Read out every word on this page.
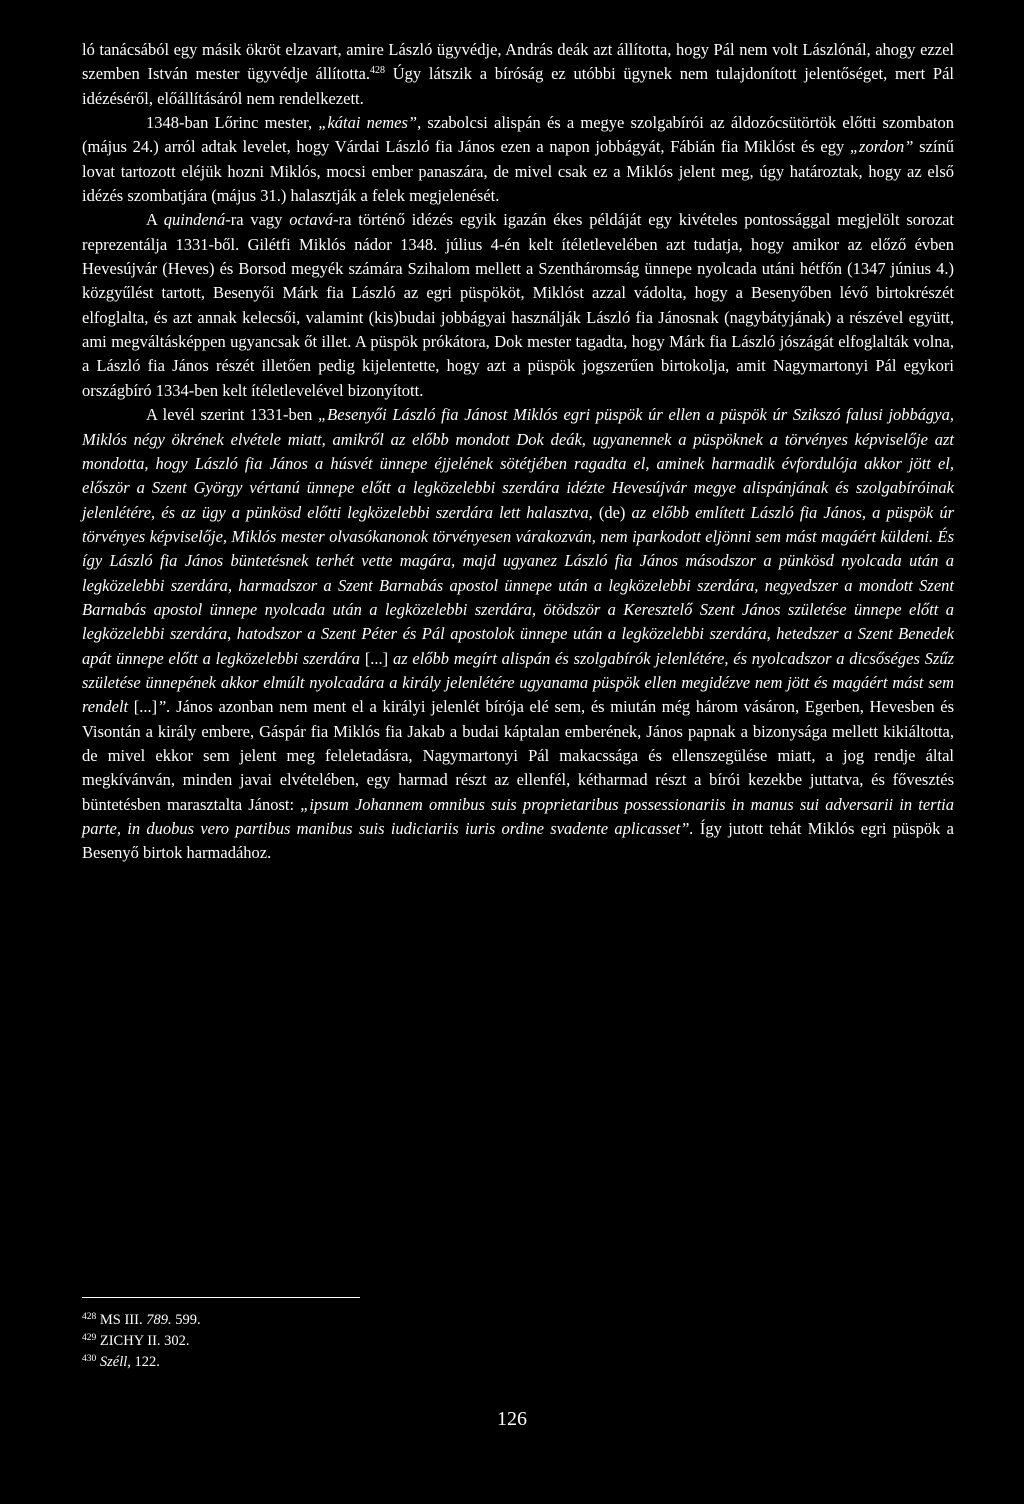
ló tanácsából egy másik ökröt elzavart, amire László ügyvédje, András deák azt állította, hogy Pál nem volt Lászlónál, ahogy ezzel szemben István mester ügyvédje állította.$^{428}$ Úgy látszik a bíróság ez utóbbi ügynek nem tulajdonított jelentőséget, mert Pál idézéséről, előállításáról nem rendelkezett.

1348-ban Lőrinc mester, „kátai nemes”, szabolcsi alispán és a megye szolgabírói az áldozócsütörtök előtti szombaton (május 24.) arról adtak levelet, hogy Várdai László fia János ezen a napon jobbágyát, Fábián fia Miklóst és egy „zordon” színű lovat tartozott eléjük hozni Miklós, mocsi ember panaszára, de mivel csak ez a Miklós jelent meg, úgy határoztak, hogy az első idézés szombatjára (május 31.) halasztják a felek megjelenését.

A quindená-ra vagy octavá-ra történő idézés egyik igazán ékes példáját egy kivételes pontossággal megjelölt sorozat reprezentálja 1331-ből. Gilétfi Miklós nádor 1348. július 4-én kelt ítéletlevelében azt tudatja, hogy amikor az előző évben Hevesújvár (Heves) és Borsod megyék számára Szihalom mellett a Szentháromság ünnepe nyolcada utáni hétfőn (1347 június 4.) közgyűlést tartott, Besenyői Márk fia László az egri püspököt, Miklóst azzal vádolta, hogy a Besenyőben lévő birtokrészét elfoglalta, és azt annak kelecsői, valamint (kis)budai jobbágyai használják László fia Jánosnak (nagybátyjának) a részével együtt, ami megváltásképpen ugyancsak őt illet. A püspök prókátora, Dok mester tagadta, hogy Márk fia László jószágát elfoglalták volna, a László fia János részét illetően pedig kijelentette, hogy azt a püspök jogszerűen birtokolja, amit Nagymartonyi Pál egykori országbíró 1334-ben kelt ítéletlevelével bizonyított.

A levél szerint 1331-ben „Besenyői László fia Jánost Miklós egri püspök úr ellen a püspök úr Szikszó falusi jobbágya, Miklós négy ökrének elvétele miatt, amikről az előbb mondott Dok deák, ugyanennek a püspöknek a törvényes képviselője azt mondotta, hogy László fia János a húsvét ünnepe éjjelének sötétjében ragadta el, aminek harmadik évfordulója akkor jött el, először a Szent György vértanú ünnepe előtt a legközelebbi szerdára idézte Hevesújvár megye alispánjának és szolgabíróinak jelenlétére, és az ügy a pünkösd előtti legközelebbi szerdára lett halasztva, (de) az előbb említett László fia János, a püspök úr törvényes képviselője, Miklós mester olvasókanonok törvényesen várakozván, nem iparkodott eljönni sem mást magáért küldeni. És így László fia János büntetésnek terhét vette magára, majd ugyanez László fia János másodszor a pünkösd nyolcada után a legközelebbi szerdára, harmadszor a Szent Barnabás apostol ünnepe után a legközelebbi szerdára, negyedszer a mondott Szent Barnabás apostol ünnepe nyolcada után a legközelebbi szerdára, ötödször a Keresztelő Szent János születése ünnepe előtt a legközelebbi szerdára, hatodszor a Szent Péter és Pál apostolok ünnepe után a legközelebbi szerdára, hetedszer a Szent Benedek apát ünnepe előtt a legközelebbi szerdára [...] az előbb megírt alispán és szolgabírók jelenlétére, és nyolcadszor a dicsőséges Szűz születése ünnepének akkor elmúlt nyolcadára a király jelenlétére ugyanama püspök ellen megidézve nem jött és magáért mást sem rendelt [...]”. János azonban nem ment el a királyi jelenlét bírója elé sem, és miután még három vásáron, Egerben, Hevesben és Visontán a király embere, Gáspár fia Miklós fia Jakab a budai káptalan emberének, János papnak a bizonysága mellett kikiáltotta, de mivel ekkor sem jelent meg feleletadásra, Nagymartonyi Pál makacssága és ellenszegülése miatt, a jog rendje által megkívánván, minden javai elvételében, egy harmad részt az ellenfél, kétharmad részt a bírói kezekbe juttatva, és fővesztés büntetésben marasztalta Jánost: „ipsum Johannem omnibus suis proprietaribus possessionariis in manus sui adversarii in tertia parte, in duobus vero partibus manibus suis iudiciariis iuris ordine svadente aplicasset”. Így jutott tehát Miklós egri püspök a Besenyő birtok harmadához.

$^{428}$ MS III. 789. 599.
$^{429}$ ZICHY II. 302.
$^{430}$ Széll, 122.
126
